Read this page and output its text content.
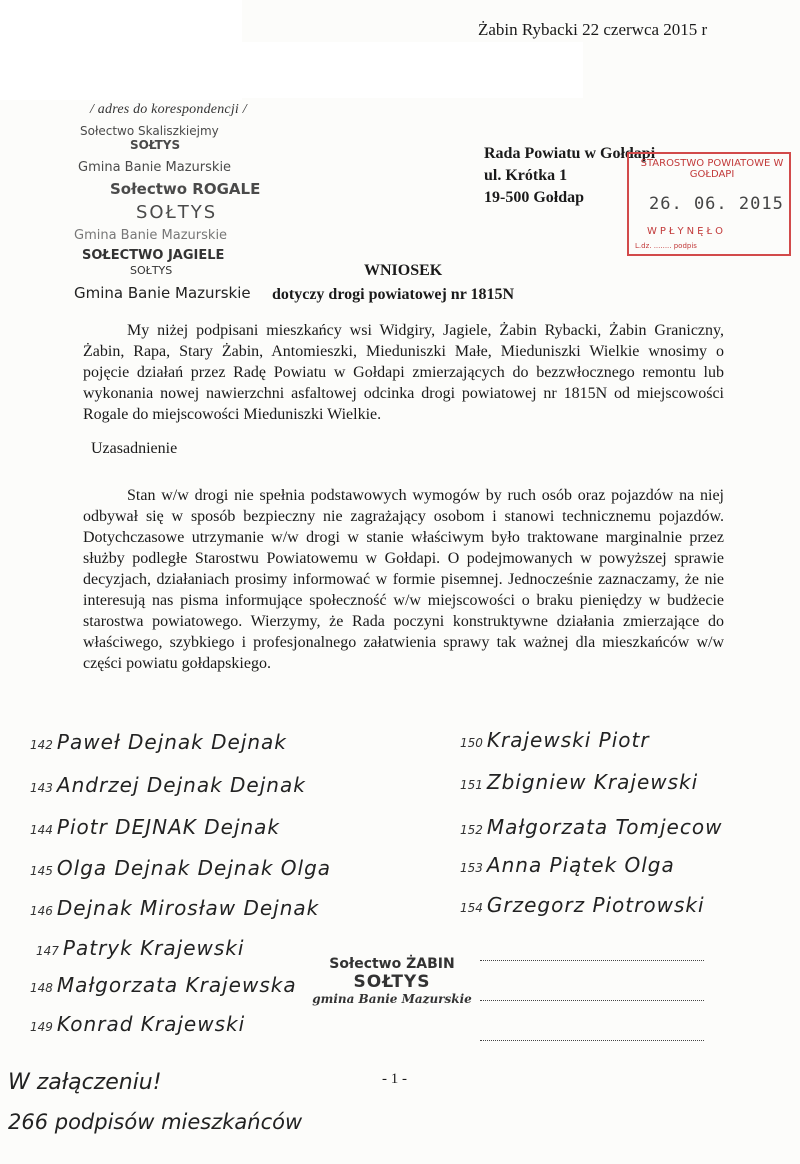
Żabin Rybacki 22 czerwca 2015 r
/ adres do korespondencji /
Sołectwo Skaliszkiejmy
SOŁTYS
Gmina Banie Mazurskie
Sołectwo ROGALE
SOŁTYS
Gmina Banie Mazurskie
SOŁECTWO JAGIELE
SOŁTYS
Rada Powiatu w Gołdapi
ul. Krótka 1
19-500 Gołdap
STAROSTWO POWIATOWE W GOŁDAPI
26. 06. 2015
WPŁYNĘŁO
L.dz. ........ podpis
WNIOSEK
Gmina Banie Mazurskie dotyczy drogi powiatowej nr 1815N
My niżej podpisani mieszkańcy wsi Widgiry, Jagiele, Żabin Rybacki, Żabin Graniczny, Żabin, Rapa, Stary Żabin, Antomieszki, Mieduniszki Małe, Mieduniszki Wielkie wnosimy o pojęcie działań przez Radę Powiatu w Gołdapi zmierzających do bezzwłocznego remontu lub wykonania nowej nawierzchni asfaltowej odcinka drogi powiatowej nr 1815N od miejscowości Rogale do miejscowości Mieduniszki Wielkie.
Uzasadnienie
Stan w/w drogi nie spełnia podstawowych wymogów by ruch osób oraz pojazdów na niej odbywał się w sposób bezpieczny nie zagrażający osobom i stanowi technicznemu pojazdów. Dotychczasowe utrzymanie w/w drogi w stanie właściwym było traktowane marginalnie przez służby podległe Starostwu Powiatowemu w Gołdapi. O podejmowanych w powyższej sprawie decyzjach, działaniach prosimy informować w formie pisemnej. Jednocześnie zaznaczamy, że nie interesują nas pisma informujące społeczność w/w miejscowości o braku pieniędzy w budżecie starostwa powiatowego. Wierzymy, że Rada poczyni konstruktywne działania zmierzające do właściwego, szybkiego i profesjonalnego załatwienia sprawy tak ważnej dla mieszkańców w/w części powiatu gołdapskiego.
142 Paweł Dejnak Dejnak
143 Andrzej Dejnak Dejnak
144 Piotr DEJNAK Dejnak
145 Olga Dejnak Dejnak Olga
146 Dejnak Mirosław Dejnak
147 Patryk Krajewski
148 Małgorzata Krajewska
149 Konrad Krajewski
150 Krajewski Piotr
151 Zbigniew Krajewski
152 Małgorzata Tomjecow
153 Anna Piątek Olga
154 Grzegorz Piotrowski
Sołectwo ŻABIN
SOŁTYS
gmina Banie Mazurskie
- 1 -
W załączeniu!
266 podpisów mieszkańców
